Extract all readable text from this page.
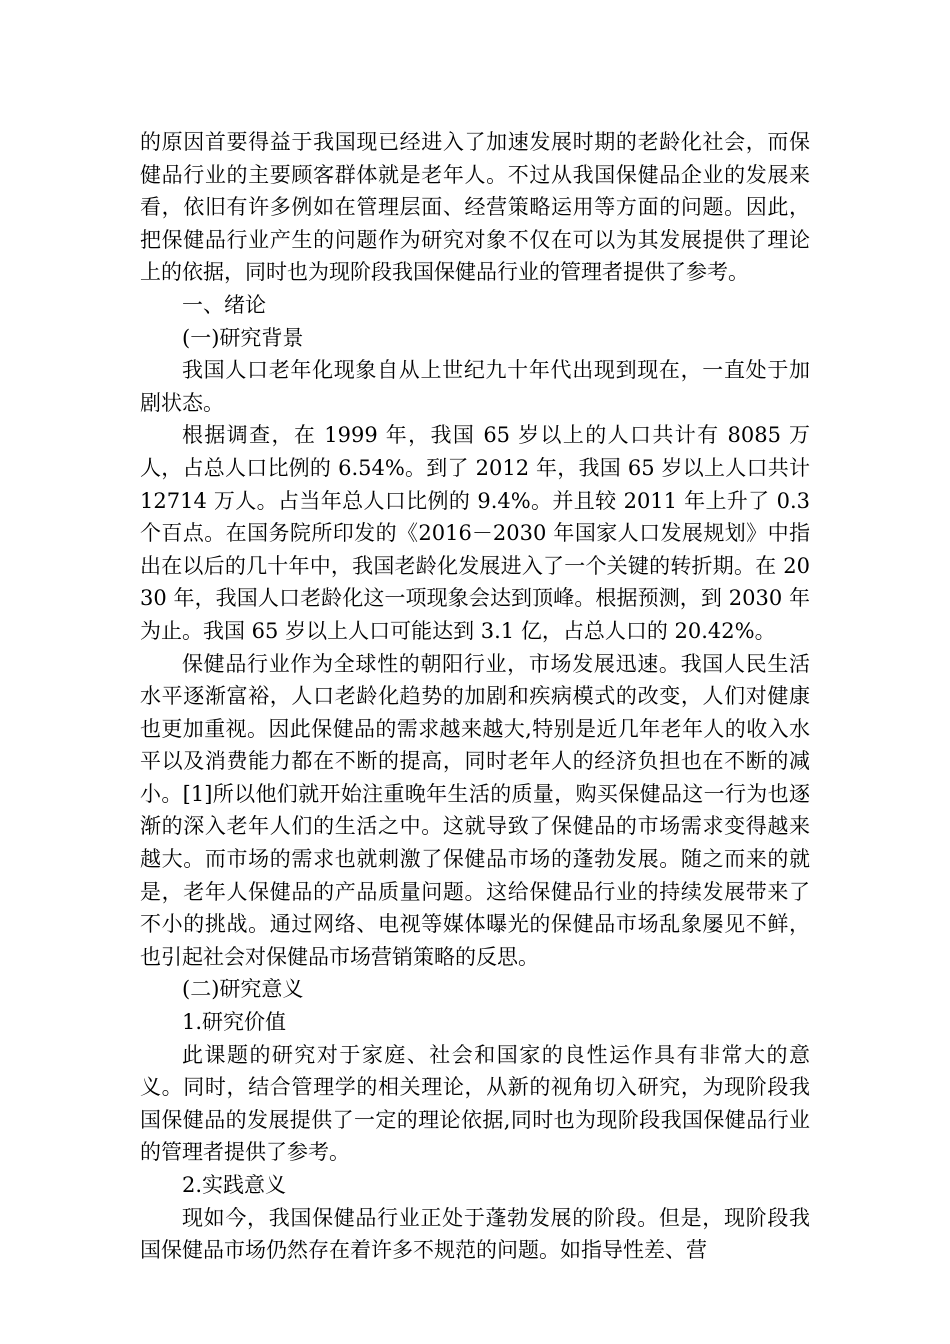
的原因首要得益于我国现已经进入了加速发展时期的老龄化社会，而保健品行业的主要顾客群体就是老年人。不过从我国保健品企业的发展来看，依旧有许多例如在管理层面、经营策略运用等方面的问题。因此，把保健品行业产生的问题作为研究对象不仅在可以为其发展提供了理论上的依据，同时也为现阶段我国保健品行业的管理者提供了参考。

一、绪论

(一)研究背景

我国人口老年化现象自从上世纪九十年代出现到现在，一直处于加剧状态。

根据调查，在 1999 年，我国 65 岁以上的人口共计有 8085 万人，占总人口比例的 6.54%。到了 2012 年，我国 65 岁以上人口共计 12714 万人。占当年总人口比例的 9.4%。并且较 2011 年上升了 0.3 个百点。在国务院所印发的《2016－2030 年国家人口发展规划》中指出在以后的几十年中，我国老龄化发展进入了一个关键的转折期。在 2030 年，我国人口老龄化这一项现象会达到顶峰。根据预测，到 2030 年为止。我国 65 岁以上人口可能达到 3.1 亿，占总人口的 20.42%。

保健品行业作为全球性的朝阳行业，市场发展迅速。我国人民生活水平逐渐富裕，人口老龄化趋势的加剧和疾病模式的改变，人们对健康也更加重视。因此保健品的需求越来越大,特别是近几年老年人的收入水平以及消费能力都在不断的提高，同时老年人的经济负担也在不断的减小。[1]所以他们就开始注重晚年生活的质量，购买保健品这一行为也逐渐的深入老年人们的生活之中。这就导致了保健品的市场需求变得越来越大。而市场的需求也就刺激了保健品市场的蓬勃发展。随之而来的就是，老年人保健品的产品质量问题。这给保健品行业的持续发展带来了不小的挑战。通过网络、电视等媒体曝光的保健品市场乱象屡见不鲜，也引起社会对保健品市场营销策略的反思。

(二)研究意义

1.研究价值

此课题的研究对于家庭、社会和国家的良性运作具有非常大的意义。同时，结合管理学的相关理论，从新的视角切入研究，为现阶段我国保健品的发展提供了一定的理论依据,同时也为现阶段我国保健品行业的管理者提供了参考。

2.实践意义

现如今，我国保健品行业正处于蓬勃发展的阶段。但是，现阶段我国保健品市场仍然存在着许多不规范的问题。如指导性差、营
